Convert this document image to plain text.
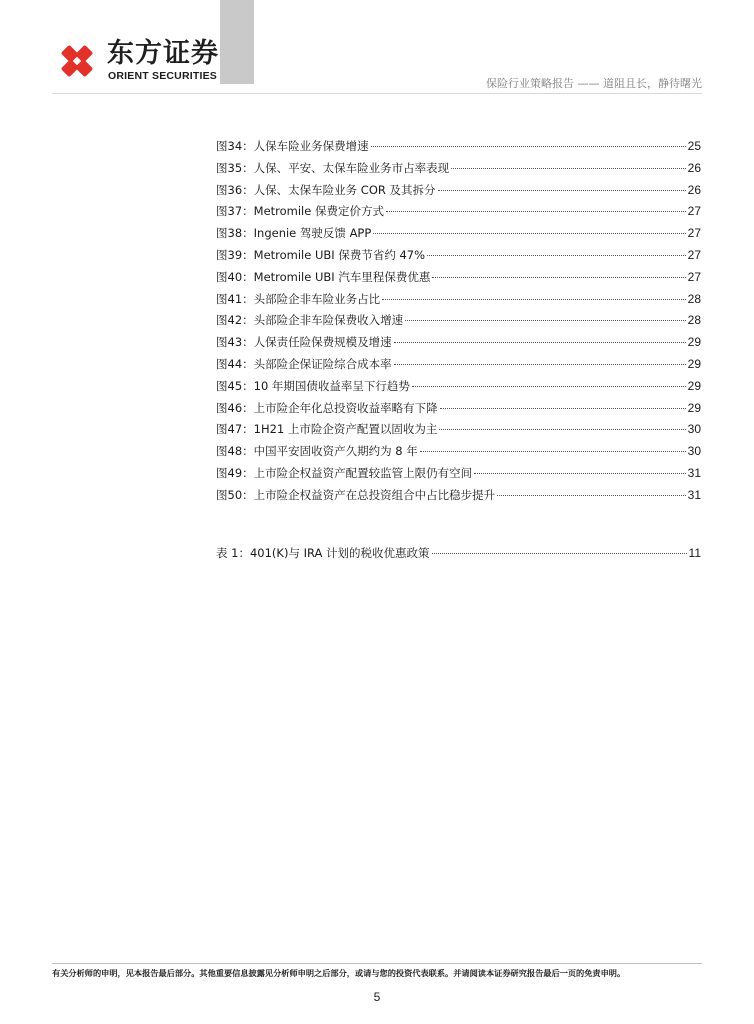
东方证券
ORIENT SECURITIES
保险行业策略报告 —— 道阻且长，静待曙光
图34：人保车险业务保费增速	25
图35：人保、平安、太保车险业务市占率表现	26
图36：人保、太保车险业务 COR 及其拆分	26
图37：Metromile 保费定价方式	27
图38：Ingenie 驾驶反馈 APP	27
图39：Metromile UBI 保费节省约 47%	27
图40：Metromile UBI 汽车里程保费优惠	27
图41：头部险企非车险业务占比	28
图42：头部险企非车险保费收入增速	28
图43：人保责任险保费规模及增速	29
图44：头部险企保证险综合成本率	29
图45：10 年期国债收益率呈下行趋势	29
图46：上市险企年化总投资收益率略有下降	29
图47：1H21 上市险企资产配置以固收为主	30
图48：中国平安固收资产久期约为 8 年	30
图49：上市险企权益资产配置较监管上限仍有空间	31
图50：上市险企权益资产在总投资组合中占比稳步提升	31
表 1：401(K)与 IRA 计划的税收优惠政策	11
有关分析师的申明，见本报告最后部分。其他重要信息披露见分析师申明之后部分，或请与您的投资代表联系。并请阅读本证券研究报告最后一页的免责申明。
5
